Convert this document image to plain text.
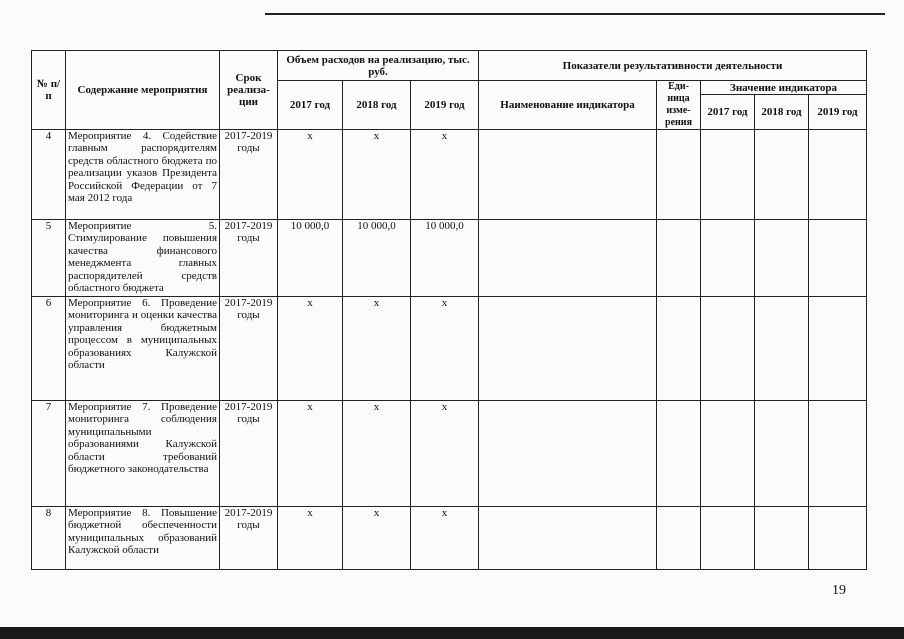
№ п/п	Содержание мероприятия	Срок реализа-ции	Объем расходов на реализацию, тыс. руб.			Показатели результативности деятельности				
			2017 год	2018 год	2019 год	Наименование индикатора	Еди-ница изме-рения	Значение индикатора		
								2017 год	2018 год	2019 год
4	Мероприятие 4. Содействие главным распорядителям средств областного бюджета по реализации указов Президента Российской Федерации от 7 мая 2012 года	2017-2019 годы	х	х	х					
5	Мероприятие 5. Стимулирование повышения качества финансового менеджмента главных распорядителей средств областного бюджета	2017-2019 годы	10 000,0	10 000,0	10 000,0					
6	Мероприятие 6. Проведение мониторинга и оценки качества управления бюджетным процессом в муниципальных образованиях Калужской области	2017-2019 годы	х	х	х					
7	Мероприятие 7. Проведение мониторинга соблюдения муниципальными образованиями Калужской области требований бюджетного законодательства	2017-2019 годы	х	х	х					
8	Мероприятие 8. Повышение бюджетной обеспеченности муниципальных образований Калужской области	2017-2019 годы	х	х	х					
19
